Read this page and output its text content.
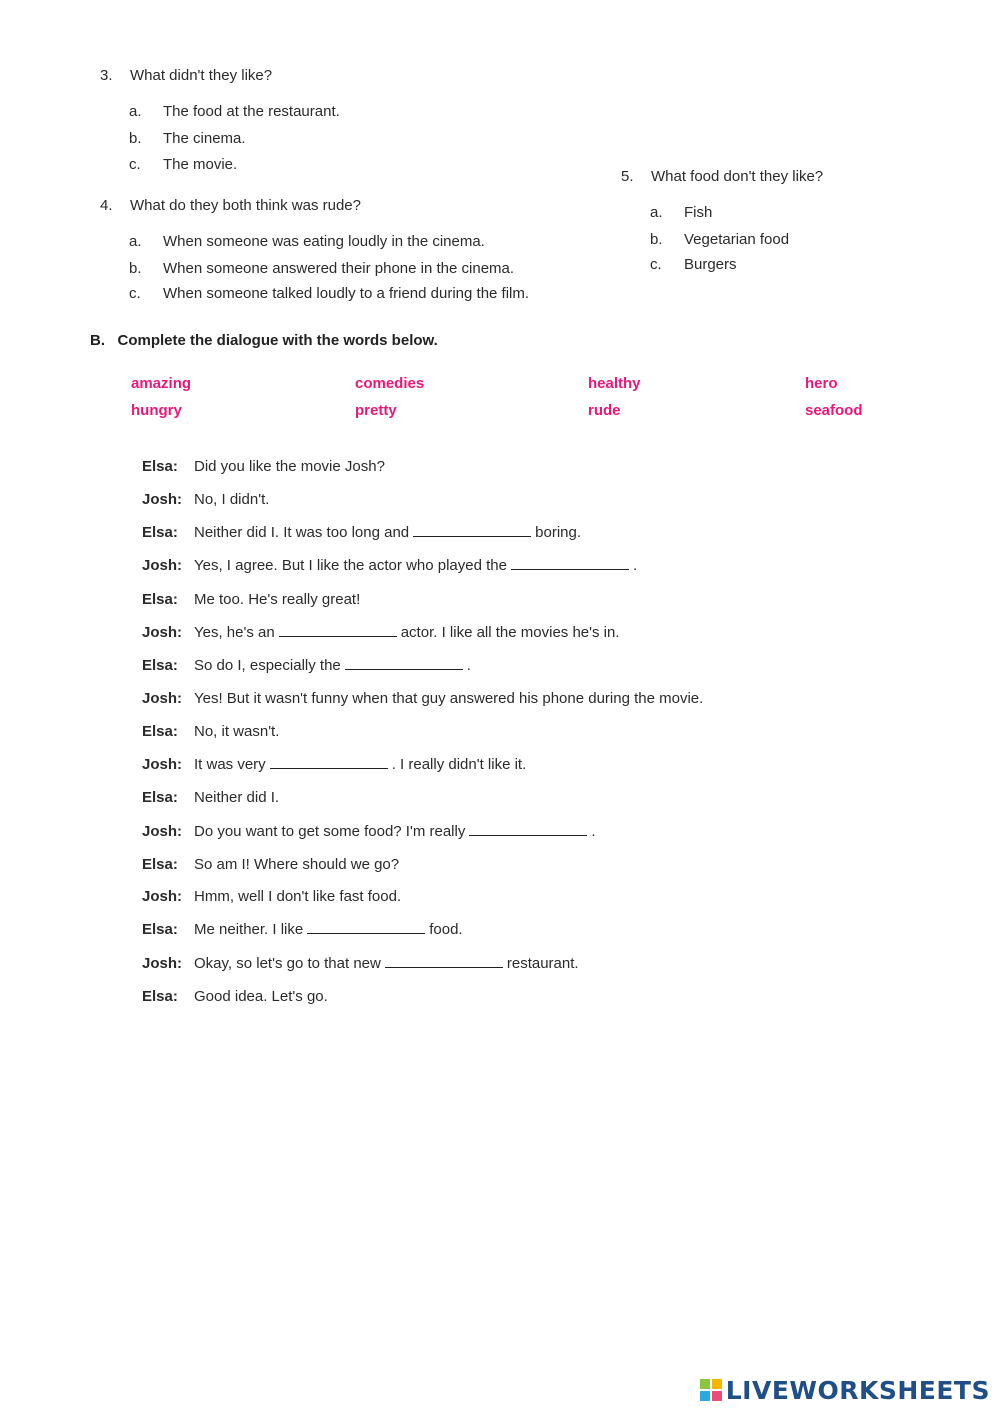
3. What didn't they like?
a. The food at the restaurant.
b. The cinema.
c. The movie.
4. What do they both think was rude?
a. When someone was eating loudly in the cinema.
b. When someone answered their phone in the cinema.
c. When someone talked loudly to a friend during the film.
5. What food don't they like?
a. Fish
b. Vegetarian food
c. Burgers
B.   Complete the dialogue with the words below.
amazing	comedies	healthy	hero
hungry	pretty	rude	seafood
Elsa: Did you like the movie Josh?
Josh: No, I didn't.
Elsa: Neither did I. It was too long and	boring.
Josh: Yes, I agree. But I like the actor who played the	.
Elsa: Me too. He's really great!
Josh: Yes, he's an	actor. I like all the movies he's in.
Elsa: So do I, especially the	.
Josh: Yes! But it wasn't funny when that guy answered his phone during the movie.
Elsa: No, it wasn't.
Josh: It was very	. I really didn't like it.
Elsa: Neither did I.
Josh: Do you want to get some food? I'm really	.
Elsa: So am I! Where should we go?
Josh: Hmm, well I don't like fast food.
Elsa: Me neither. I like	food.
Josh: Okay, so let's go to that new	restaurant.
Elsa: Good idea. Let's go.
LIVEWORKSHEETS
